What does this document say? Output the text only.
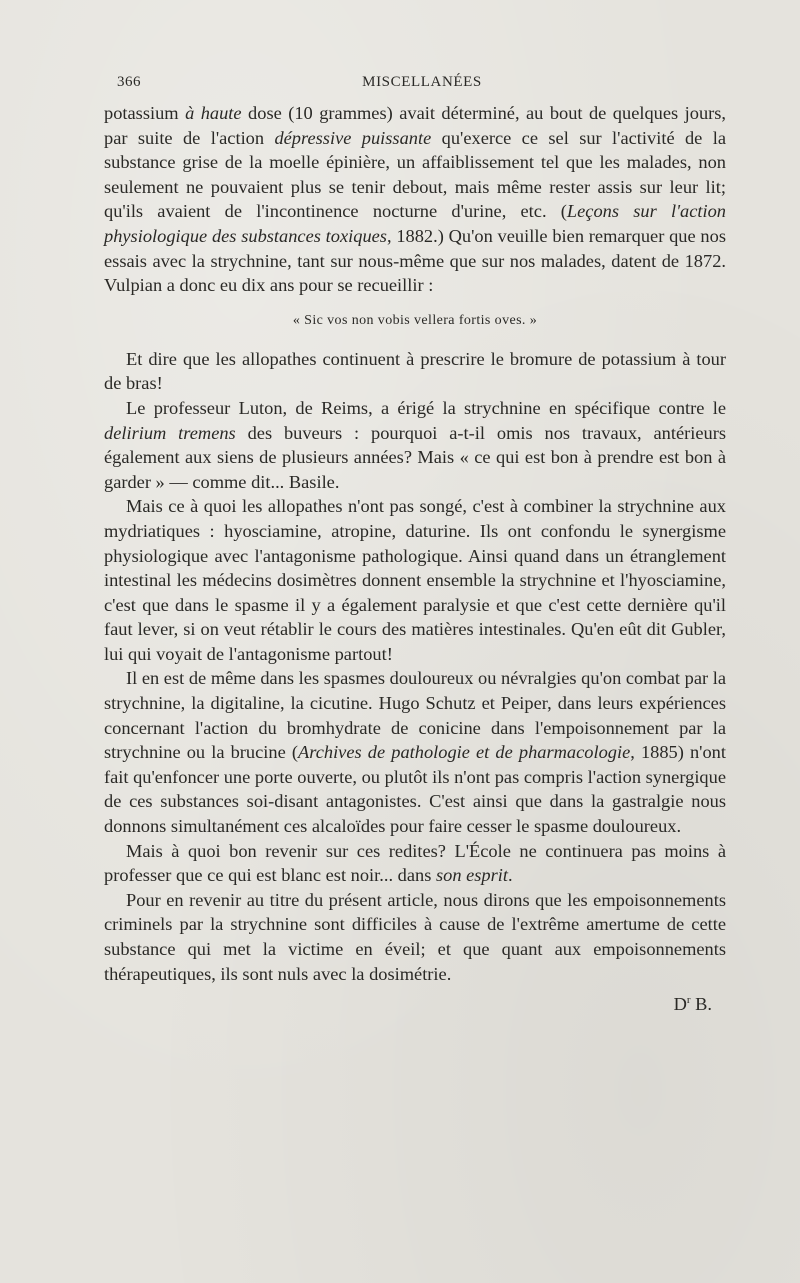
366	MISCELLANÉES

potassium à haute dose (10 grammes) avait déterminé, au bout de quelques jours, par suite de l'action dépressive puissante qu'exerce ce sel sur l'activité de la substance grise de la moelle épinière, un affaiblissement tel que les malades, non seulement ne pouvaient plus se tenir debout, mais même rester assis sur leur lit; qu'ils avaient de l'incontinence nocturne d'urine, etc. (Leçons sur l'action physiologique des substances toxiques, 1882.) Qu'on veuille bien remarquer que nos essais avec la strychnine, tant sur nous-même que sur nos malades, datent de 1872. Vulpian a donc eu dix ans pour se recueillir :

« Sic vos non vobis vellera fortis oves. »

Et dire que les allopathes continuent à prescrire le bromure de potassium à tour de bras!

Le professeur Luton, de Reims, a érigé la strychnine en spécifique contre le delirium tremens des buveurs : pourquoi a-t-il omis nos travaux, antérieurs également aux siens de plusieurs années? Mais « ce qui est bon à prendre est bon à garder » — comme dit... Basile.

Mais ce à quoi les allopathes n'ont pas songé, c'est à combiner la strychnine aux mydriatiques : hyosciamine, atropine, daturine. Ils ont confondu le synergisme physiologique avec l'antagonisme pathologique. Ainsi quand dans un étranglement intestinal les médecins dosimètres donnent ensemble la strychnine et l'hyosciamine, c'est que dans le spasme il y a également paralysie et que c'est cette dernière qu'il faut lever, si on veut rétablir le cours des matières intestinales. Qu'en eût dit Gubler, lui qui voyait de l'antagonisme partout!

Il en est de même dans les spasmes douloureux ou névralgies qu'on combat par la strychnine, la digitaline, la cicutine. Hugo Schutz et Peiper, dans leurs expériences concernant l'action du bromhydrate de conicine dans l'empoisonnement par la strychnine ou la brucine (Archives de pathologie et de pharmacologie, 1885) n'ont fait qu'enfoncer une porte ouverte, ou plutôt ils n'ont pas compris l'action synergique de ces substances soi-disant antagonistes. C'est ainsi que dans la gastralgie nous donnons simultanément ces alcaloïdes pour faire cesser le spasme douloureux.

Mais à quoi bon revenir sur ces redites? L'École ne continuera pas moins à professer que ce qui est blanc est noir... dans son esprit.

Pour en revenir au titre du présent article, nous dirons que les empoisonnements criminels par la strychnine sont difficiles à cause de l'extrême amertume de cette substance qui met la victime en éveil; et que quant aux empoisonnements thérapeutiques, ils sont nuls avec la dosimétrie.

$D^r$ B.
